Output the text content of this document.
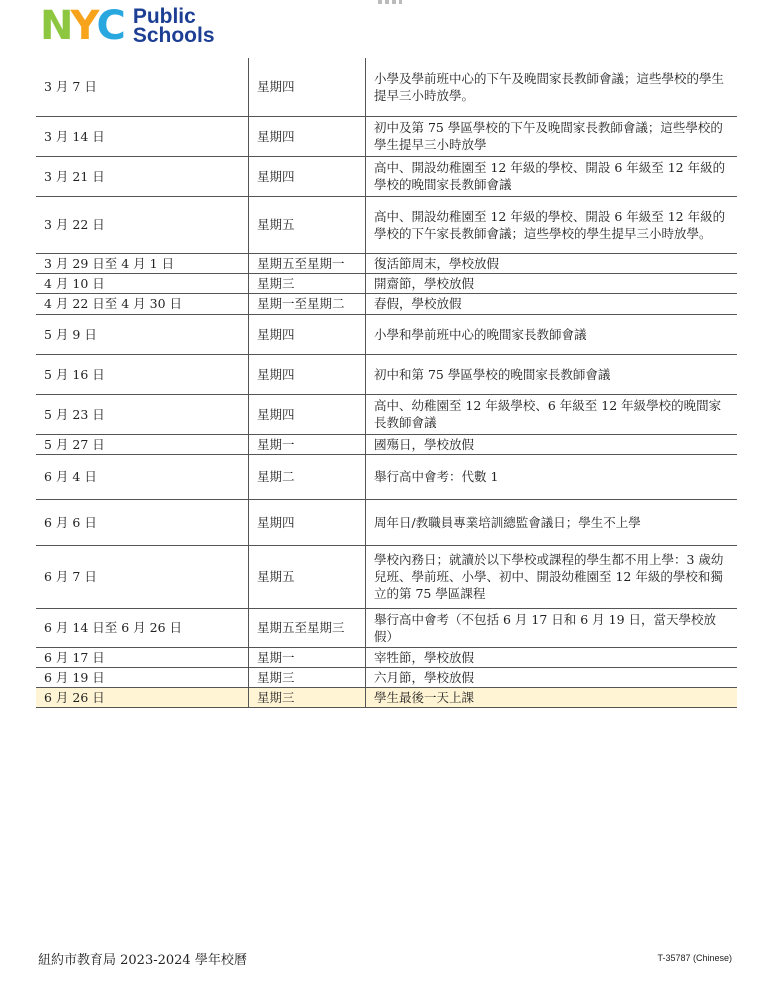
N Y C Public
Schools
3 月 7 日	星期四	小學及學前班中心的下午及晚間家長教師會議；這些學校的學生提早三小時放學。
3 月 14 日	星期四	初中及第 75 學區學校的下午及晚間家長教師會議；這些學校的學生提早三小時放學
3 月 21 日	星期四	高中、開設幼稚園至 12 年級的學校、開設 6 年級至 12 年級的學校的晚間家長教師會議
3 月 22 日	星期五	高中、開設幼稚園至 12 年級的學校、開設 6 年級至 12 年級的學校的下午家長教師會議；這些學校的學生提早三小時放學。
3 月 29 日至 4 月 1 日	星期五至星期一	復活節周末，學校放假
4 月 10 日	星期三	開齋節，學校放假
4 月 22 日至 4 月 30 日	星期一至星期二	春假，學校放假
5 月 9 日	星期四	小學和學前班中心的晚間家長教師會議
5 月 16 日	星期四	初中和第 75 學區學校的晚間家長教師會議
5 月 23 日	星期四	高中、幼稚園至 12 年級學校、6 年級至 12 年級學校的晚間家長教師會議
5 月 27 日	星期一	國殤日，學校放假
6 月 4 日	星期二	舉行高中會考：代數 1
6 月 6 日	星期四	周年日/教職員專業培訓總監會議日；學生不上學
6 月 7 日	星期五	學校內務日；就讀於以下學校或課程的學生都不用上學：3 歲幼兒班、學前班、小學、初中、開設幼稚園至 12 年級的學校和獨立的第 75 學區課程
6 月 14 日至 6 月 26 日	星期五至星期三	舉行高中會考（不包括 6 月 17 日和 6 月 19 日，當天學校放假）
6 月 17 日	星期一	宰牲節，學校放假
6 月 19 日	星期三	六月節，學校放假
6 月 26 日	星期三	學生最後一天上課
紐約市教育局 2023-2024 學年校曆	T-35787 (Chinese)
